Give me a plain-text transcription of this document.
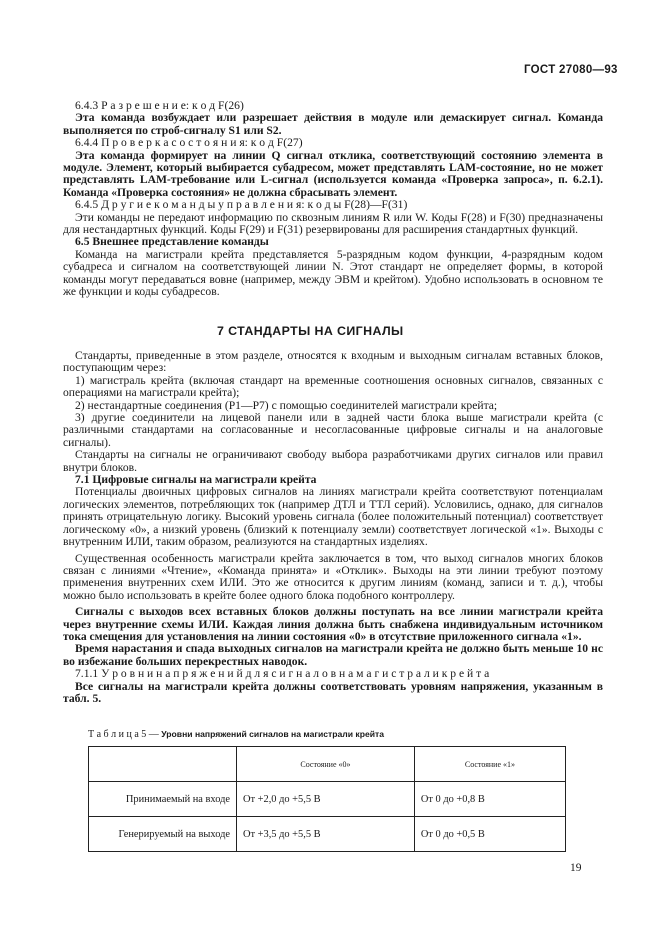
ГОСТ 27080—93

6.4.3 Р а з р е ш е н и е: к о д F(26)

Эта команда возбуждает или разрешает действия в модуле или демаскирует сигнал. Команда выполняется по строб-сигналу S1 или S2.

6.4.4 П р о в е р к а с о с т о я н и я: к о д F(27)

Эта команда формирует на линии Q сигнал отклика, соответствующий состоянию элемента в модуле. Элемент, который выбирается субадресом, может представлять LAM-состояние, но не может представлять LAM-требование или L-сигнал (используется команда «Проверка запроса», п. 6.2.1). Команда «Проверка состояния» не должна сбрасывать элемент.

6.4.5 Д р у г и е к о м а н д ы у п р а в л е н и я: к о д ы F(28)—F(31)

Эти команды не передают информацию по сквозным линиям R или W. Коды F(28) и F(30) предназначены для нестандартных функций. Коды F(29) и F(31) резервированы для расширения стандартных функций.

6.5 Внешнее представление команды

Команда на магистрали крейта представляется 5-разрядным кодом функции, 4-разрядным кодом субадреса и сигналом на соответствующей линии N. Этот стандарт не определяет формы, в которой команды могут передаваться вовне (например, между ЭВМ и крейтом). Удобно использовать в основном те же функции и коды субадресов.

7 СТАНДАРТЫ НА СИГНАЛЫ

Стандарты, приведенные в этом разделе, относятся к входным и выходным сигналам вставных блоков, поступающим через:

1) магистраль крейта (включая стандарт на временные соотношения основных сигналов, связанных с операциями на магистрали крейта);

2) нестандартные соединения (P1—P7) с помощью соединителей магистрали крейта;

3) другие соединители на лицевой панели или в задней части блока выше магистрали крейта (с различными стандартами на согласованные и несогласованные цифровые сигналы и на аналоговые сигналы).

Стандарты на сигналы не ограничивают свободу выбора разработчиками других сигналов или правил внутри блоков.

7.1 Цифровые сигналы на магистрали крейта

Потенциалы двоичных цифровых сигналов на линиях магистрали крейта соответствуют потенциалам логических элементов, потребляющих ток (например ДТЛ и ТТЛ серий). Условились, однако, для сигналов принять отрицательную логику. Высокий уровень сигнала (более положительный потенциал) соответствует логическому «0», а низкий уровень (близкий к потенциалу земли) соответствует логической «1». Выходы с внутренним ИЛИ, таким образом, реализуются на стандартных изделиях.

Существенная особенность магистрали крейта заключается в том, что выход сигналов многих блоков связан с линиями «Чтение», «Команда принята» и «Отклик». Выходы на эти линии требуют поэтому применения внутренних схем ИЛИ. Это же относится к другим линиям (команд, записи и т. д.), чтобы можно было использовать в крейте более одного блока подобного контроллеру.

Сигналы с выходов всех вставных блоков должны поступать на все линии магистрали крейта через внутренние схемы ИЛИ. Каждая линия должна быть снабжена индивидуальным источником тока смещения для установления на линии состояния «0» в отсутствие приложенного сигнала «1».

Время нарастания и спада выходных сигналов на магистрали крейта не должно быть меньше 10 нс во избежание больших перекрестных наводок.

7.1.1 У р о в н и н а п р я ж е н и й д л я с и г н а л о в н а м а г и с т р а л и к р е й т а

Все сигналы на магистрали крейта должны соответствовать уровням напряжения, указанным в табл. 5.

Т а б л и ц а 5 — Уровни напряжений сигналов на магистрали крейта
	Состояние «0»	Состояние «1»
Принимаемый на входе	От +2,0 до +5,5 В	От 0 до +0,8 В
Генерируемый на выходе	От +3,5 до +5,5 В	От 0 до +0,5 В
19
